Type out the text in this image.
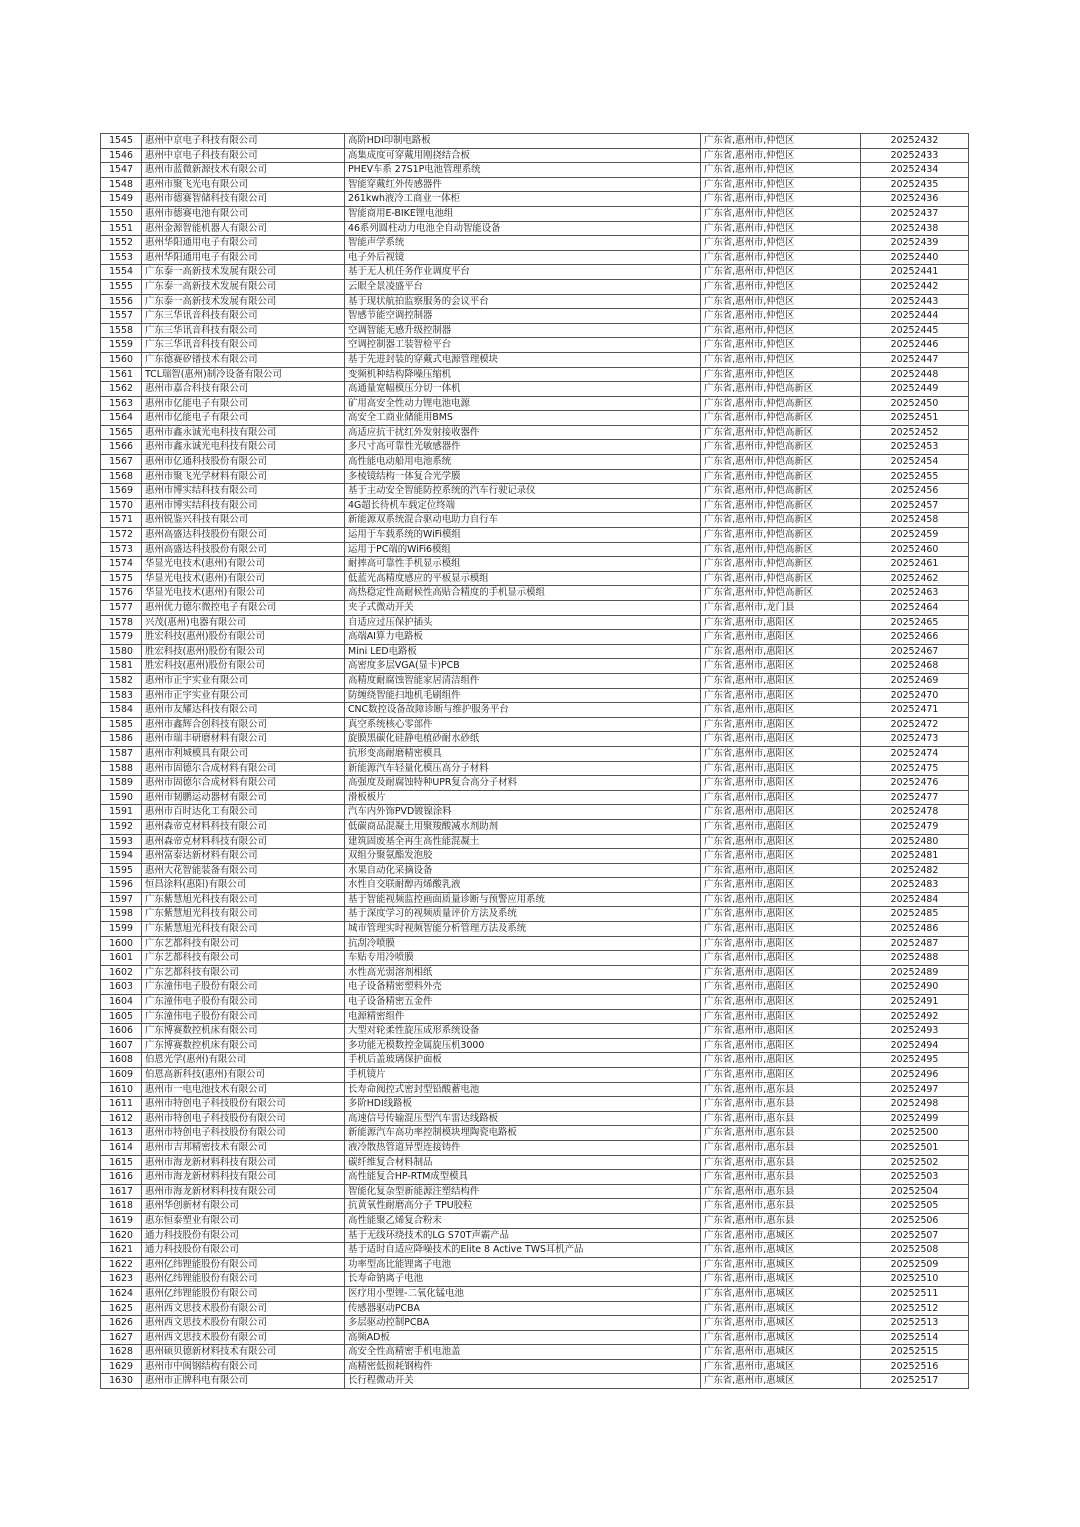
1545	惠州中京电子科技有限公司	高阶HDI印制电路板	广东省,惠州市,仲恺区	20252432
1546	惠州中京电子科技有限公司	高集成度可穿戴用刚挠结合板	广东省,惠州市,仲恺区	20252433
1547	惠州市蓝微新源技术有限公司	PHEV车系 27S1P电池管理系统	广东省,惠州市,仲恺区	20252434
1548	惠州市聚飞光电有限公司	智能穿戴红外传感器件	广东省,惠州市,仲恺区	20252435
1549	惠州市德赛智储科技有限公司	261kwh液冷工商业一体柜	广东省,惠州市,仲恺区	20252436
1550	惠州市德赛电池有限公司	智能商用E-BIKE锂电池组	广东省,惠州市,仲恺区	20252437
1551	惠州金源智能机器人有限公司	46系列圆柱动力电池全自动智能设备	广东省,惠州市,仲恺区	20252438
1552	惠州华阳通用电子有限公司	智能声学系统	广东省,惠州市,仲恺区	20252439
1553	惠州华阳通用电子有限公司	电子外后视镜	广东省,惠州市,仲恺区	20252440
1554	广东泰一高新技术发展有限公司	基于无人机任务作业调度平台	广东省,惠州市,仲恺区	20252441
1555	广东泰一高新技术发展有限公司	云眼全景凌盛平台	广东省,惠州市,仲恺区	20252442
1556	广东泰一高新技术发展有限公司	基于现状航拍监察服务的会议平台	广东省,惠州市,仲恺区	20252443
1557	广东三华讯音科技有限公司	智感节能空调控制器	广东省,惠州市,仲恺区	20252444
1558	广东三华讯音科技有限公司	空调智能无感升级控制器	广东省,惠州市,仲恺区	20252445
1559	广东三华讯音科技有限公司	空调控制器工装智检平台	广东省,惠州市,仲恺区	20252446
1560	广东德赛矽镨技术有限公司	基于先进封装的穿戴式电源管理模块	广东省,惠州市,仲恺区	20252447
1561	TCL瑞智(惠州)制冷设备有限公司	变频机种结构降噪压缩机	广东省,惠州市,仲恺区	20252448
1562	惠州市嘉合科技有限公司	高通量宽幅模压分切一体机	广东省,惠州市,仲恺高新区	20252449
1563	惠州市亿能电子有限公司	矿用高安全性动力锂电池电源	广东省,惠州市,仲恺高新区	20252450
1564	惠州市亿能电子有限公司	高安全工商业储能用BMS	广东省,惠州市,仲恺高新区	20252451
1565	惠州市鑫永诚光电科技有限公司	高适应抗干扰红外发射接收器件	广东省,惠州市,仲恺高新区	20252452
1566	惠州市鑫永诚光电科技有限公司	多尺寸高可靠性光敏感器件	广东省,惠州市,仲恺高新区	20252453
1567	惠州市亿通科技股份有限公司	高性能电动船用电池系统	广东省,惠州市,仲恺高新区	20252454
1568	惠州市聚飞光学材料有限公司	多棱镜结构一体复合光学膜	广东省,惠州市,仲恺高新区	20252455
1569	惠州市博实结科技有限公司	基于主动安全智能防控系统的汽车行驶记录仪	广东省,惠州市,仲恺高新区	20252456
1570	惠州市博实结科技有限公司	4G超长待机车载定位终端	广东省,惠州市,仲恺高新区	20252457
1571	惠州锐鉴兴科技有限公司	新能源双系统混合驱动电助力自行车	广东省,惠州市,仲恺高新区	20252458
1572	惠州高盛达科技股份有限公司	运用于车载系统的WiFi模组	广东省,惠州市,仲恺高新区	20252459
1573	惠州高盛达科技股份有限公司	运用于PC端的WiFi6模组	广东省,惠州市,仲恺高新区	20252460
1574	华显光电技术(惠州)有限公司	耐摔高可靠性手机显示模组	广东省,惠州市,仲恺高新区	20252461
1575	华显光电技术(惠州)有限公司	低蓝光高精度感应的平板显示模组	广东省,惠州市,仲恺高新区	20252462
1576	华显光电技术(惠州)有限公司	高热稳定性高耐候性高贴合精度的手机显示模组	广东省,惠州市,仲恺高新区	20252463
1577	惠州优力德尔微控电子有限公司	夹子式微动开关	广东省,惠州市,龙门县	20252464
1578	兴茂(惠州)电器有限公司	自适应过压保护插头	广东省,惠州市,惠阳区	20252465
1579	胜宏科技(惠州)股份有限公司	高端AI算力电路板	广东省,惠州市,惠阳区	20252466
1580	胜宏科技(惠州)股份有限公司	Mini LED电路板	广东省,惠州市,惠阳区	20252467
1581	胜宏科技(惠州)股份有限公司	高密度多层VGA(显卡)PCB	广东省,惠州市,惠阳区	20252468
1582	惠州市正宇实业有限公司	高精度耐腐蚀智能家居清洁组件	广东省,惠州市,惠阳区	20252469
1583	惠州市正宇实业有限公司	防缠绕智能扫地机毛刷组件	广东省,惠州市,惠阳区	20252470
1584	惠州市友耀达科技有限公司	CNC数控设备故障诊断与维护服务平台	广东省,惠州市,惠阳区	20252471
1585	惠州市鑫辉合创科技有限公司	真空系统核心零部件	广东省,惠州市,惠阳区	20252472
1586	惠州市瑞丰研磨材料有限公司	旋膜黑碳化硅静电植砂耐水砂纸	广东省,惠州市,惠阳区	20252473
1587	惠州市利城模具有限公司	抗形变高耐磨精密模具	广东省,惠州市,惠阳区	20252474
1588	惠州市固德尔合成材料有限公司	新能源汽车轻量化模压高分子材料	广东省,惠州市,惠阳区	20252475
1589	惠州市固德尔合成材料有限公司	高强度及耐腐蚀特种UPR复合高分子材料	广东省,惠州市,惠阳区	20252476
1590	惠州市韧鹏运动器材有限公司	滑板板片	广东省,惠州市,惠阳区	20252477
1591	惠州市百时达化工有限公司	汽车内外饰PVD镀镍涂料	广东省,惠州市,惠阳区	20252478
1592	惠州森帝克材料科技有限公司	低碳商品混凝土用聚羧酸减水剂助剂	广东省,惠州市,惠阳区	20252479
1593	惠州森帝克材料科技有限公司	建筑固废基全再生高性能混凝土	广东省,惠州市,惠阳区	20252480
1594	惠州富泰达新材料有限公司	双组分聚氨酯发泡胶	广东省,惠州市,惠阳区	20252481
1595	惠州大花智能装备有限公司	水果自动化采摘设备	广东省,惠州市,惠阳区	20252482
1596	恒昌涂料(惠阳)有限公司	水性自交联耐醇丙烯酸乳液	广东省,惠州市,惠阳区	20252483
1597	广东紫慧旭光科技有限公司	基于智能视频监控画面质量诊断与预警应用系统	广东省,惠州市,惠阳区	20252484
1598	广东紫慧旭光科技有限公司	基于深度学习的视频质量评价方法及系统	广东省,惠州市,惠阳区	20252485
1599	广东紫慧旭光科技有限公司	城市管理实时视频智能分析管理方法及系统	广东省,惠州市,惠阳区	20252486
1600	广东艺都科技有限公司	抗刮冷喷膜	广东省,惠州市,惠阳区	20252487
1601	广东艺都科技有限公司	车贴专用冷喷膜	广东省,惠州市,惠阳区	20252488
1602	广东艺都科技有限公司	水性高光弱溶剂相纸	广东省,惠州市,惠阳区	20252489
1603	广东潼伟电子股份有限公司	电子设备精密塑料外壳	广东省,惠州市,惠阳区	20252490
1604	广东潼伟电子股份有限公司	电子设备精密五金件	广东省,惠州市,惠阳区	20252491
1605	广东潼伟电子股份有限公司	电源精密组件	广东省,惠州市,惠阳区	20252492
1606	广东博赛数控机床有限公司	大型对轮柔性旋压成形系统设备	广东省,惠州市,惠阳区	20252493
1607	广东博赛数控机床有限公司	多功能无模数控金属旋压机3000	广东省,惠州市,惠阳区	20252494
1608	伯恩光学(惠州)有限公司	手机后盖玻璃保护面板	广东省,惠州市,惠阳区	20252495
1609	伯恩高新科技(惠州)有限公司	手机镜片	广东省,惠州市,惠阳区	20252496
1610	惠州市一电电池技术有限公司	长寿命阀控式密封型铅酸蓄电池	广东省,惠州市,惠东县	20252497
1611	惠州市特创电子科技股份有限公司	多阶HDI线路板	广东省,惠州市,惠东县	20252498
1612	惠州市特创电子科技股份有限公司	高速信号传输混压型汽车雷达线路板	广东省,惠州市,惠东县	20252499
1613	惠州市特创电子科技股份有限公司	新能源汽车高功率控制模块埋陶瓷电路板	广东省,惠州市,惠东县	20252500
1614	惠州市吉邦精密技术有限公司	液冷散热管道异型连接铸件	广东省,惠州市,惠东县	20252501
1615	惠州市海龙新材料科技有限公司	碳纤维复合材料制品	广东省,惠州市,惠东县	20252502
1616	惠州市海龙新材料科技有限公司	高性能复合HP-RTM成型模具	广东省,惠州市,惠东县	20252503
1617	惠州市海龙新材料科技有限公司	智能化复杂型新能源注塑结构件	广东省,惠州市,惠东县	20252504
1618	惠州华创新材有限公司	抗黄氧性耐磨高分子 TPU胶粒	广东省,惠州市,惠东县	20252505
1619	惠东恒泰塑业有限公司	高性能聚乙烯复合粉末	广东省,惠州市,惠东县	20252506
1620	通力科技股份有限公司	基于无线环绕技术的LG S70T声霸产品	广东省,惠州市,惠城区	20252507
1621	通力科技股份有限公司	基于适时自适应降噪技术的Elite 8 Active TWS耳机产品	广东省,惠州市,惠城区	20252508
1622	惠州亿纬锂能股份有限公司	功率型高比能锂离子电池	广东省,惠州市,惠城区	20252509
1623	惠州亿纬锂能股份有限公司	长寿命钠离子电池	广东省,惠州市,惠城区	20252510
1624	惠州亿纬锂能股份有限公司	医疗用小型锂-二氧化锰电池	广东省,惠州市,惠城区	20252511
1625	惠州西文思技术股份有限公司	传感器驱动PCBA	广东省,惠州市,惠城区	20252512
1626	惠州西文思技术股份有限公司	多层驱动控制PCBA	广东省,惠州市,惠城区	20252513
1627	惠州西文思技术股份有限公司	高频AD板	广东省,惠州市,惠城区	20252514
1628	惠州硕贝德新材料技术有限公司	高安全性高精密手机电池盖	广东省,惠州市,惠城区	20252515
1629	惠州市中闽钢结构有限公司	高精密低损耗钢构件	广东省,惠州市,惠城区	20252516
1630	惠州市正牌科电有限公司	长行程微动开关	广东省,惠州市,惠城区	20252517
